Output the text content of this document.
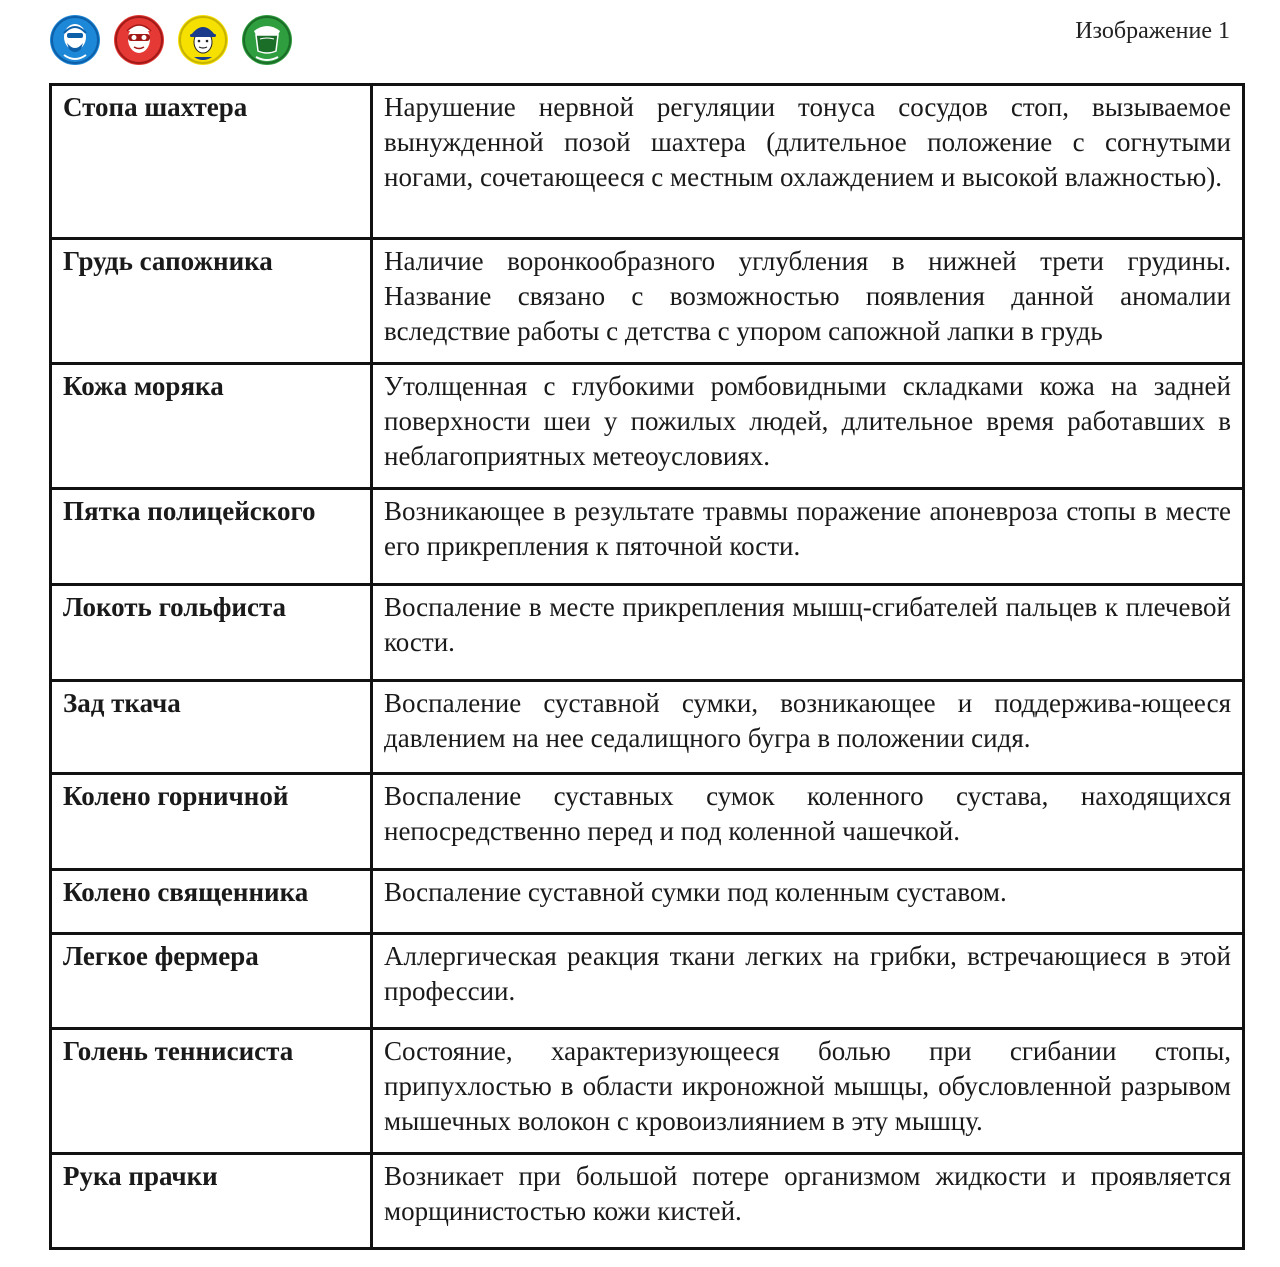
Изображение 1
Стопа шахтера	Нарушение нервной регуляции тонуса сосудов стоп, вызываемое вынужденной позой шахтера (длительное положение с согнутыми ногами, сочетающееся с местным охлаждением и высокой влажностью).
Грудь сапожника	Наличие воронкообразного углубления в нижней трети грудины. Название связано с возможностью появления данной аномалии вследствие работы с детства с упором сапожной лапки в грудь
Кожа моряка	Утолщенная с глубокими ромбовидными складками кожа на задней поверхности шеи у пожилых людей, длительное время работавших в неблагоприятных метеоусловиях.
Пятка полицейского	Возникающее в результате травмы поражение апоневроза стопы в месте его прикрепления к пяточной кости.
Локоть гольфиста	Воспаление в месте прикрепления мышц-сгибателей пальцев к плечевой кости.
Зад ткача	Воспаление суставной сумки, возникающее и поддержива-ющееся давлением на нее седалищного бугра в положении сидя.
Колено горничной	Воспаление суставных сумок коленного сустава, находящихся непосредственно перед и под коленной чашечкой.
Колено священника	Воспаление суставной сумки под коленным суставом.
Легкое фермера	Аллергическая реакция ткани легких на грибки, встречающиеся в этой профессии.
Голень теннисиста	Состояние, характеризующееся болью при сгибании стопы, припухлостью в области икроножной мышцы, обусловленной разрывом мышечных волокон с кровоизлиянием в эту мышцу.
Рука прачки	Возникает при большой потере организмом жидкости и проявляется морщинистостью кожи кистей.
